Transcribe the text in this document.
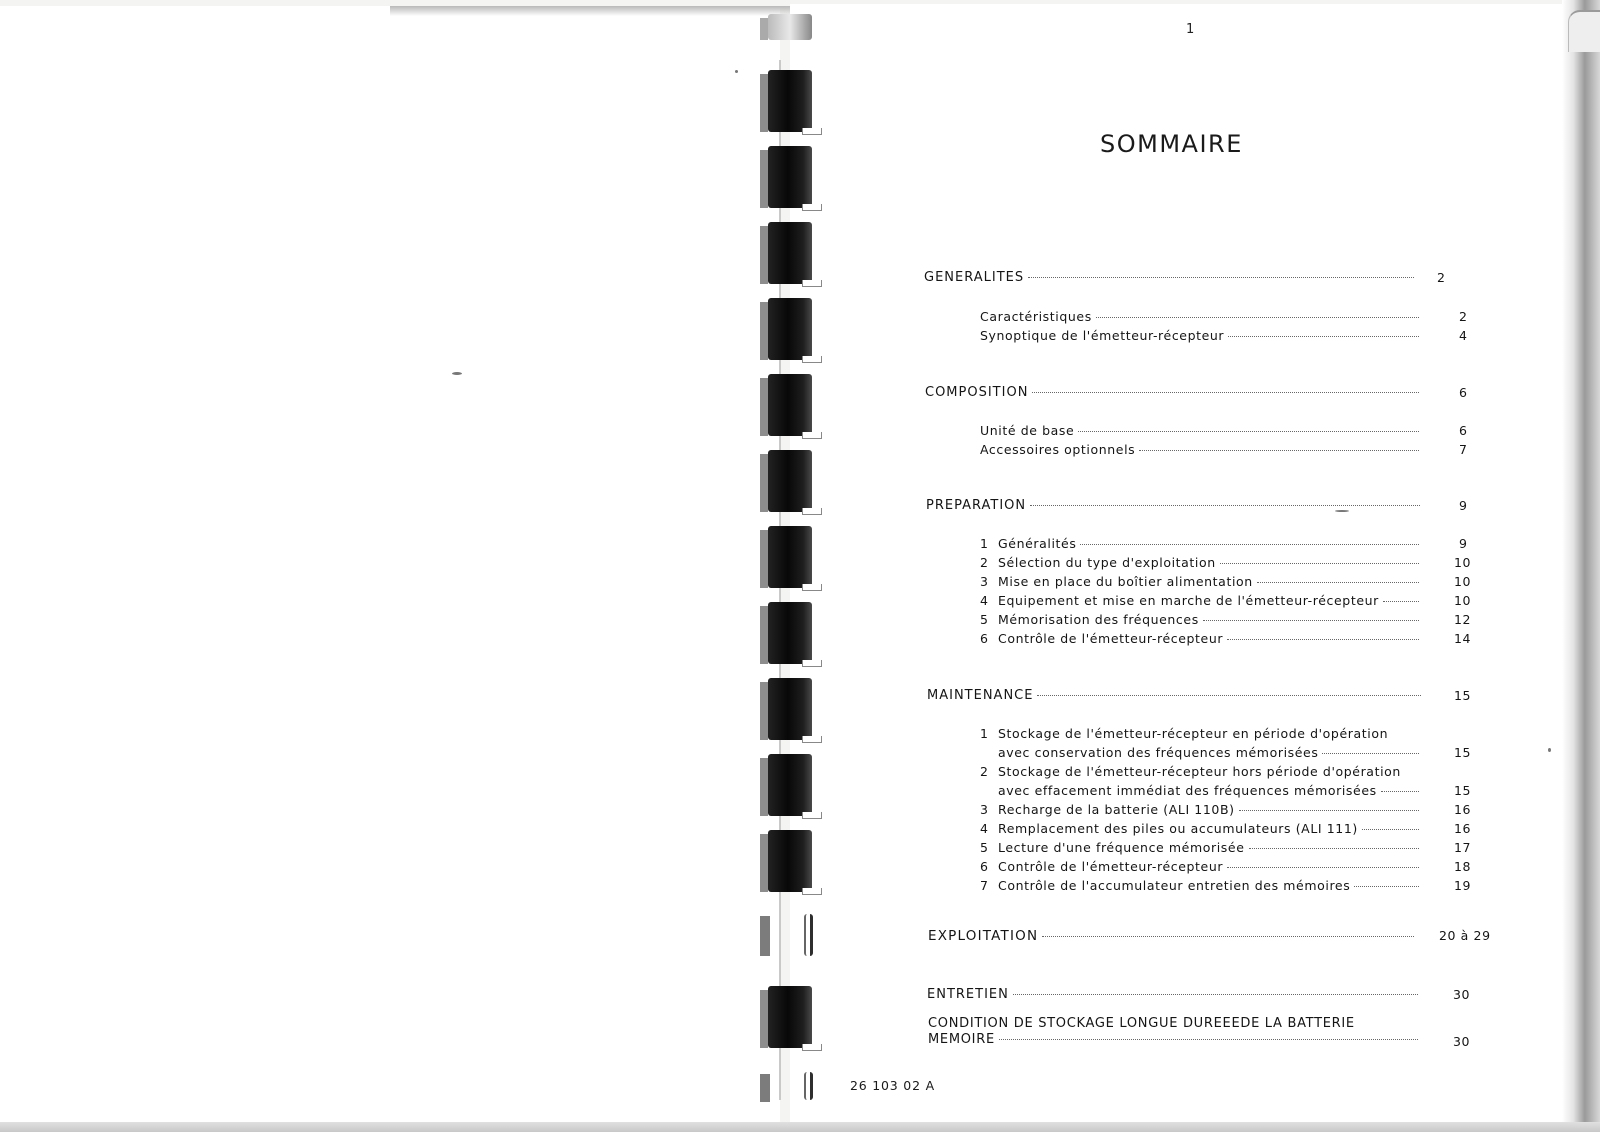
1
SOMMAIRE
GENERALITES	2
Caractéristiques	2
Synoptique de l'émetteur-récepteur	4
COMPOSITION	6
Unité de base	6
Accessoires optionnels	7
PREPARATION	9
1 Généralités	9
2 Sélection du type d'exploitation	10
3 Mise en place du boîtier alimentation	10
4 Equipement et mise en marche de l'émetteur-récepteur	10
5 Mémorisation des fréquences	12
6 Contrôle de l'émetteur-récepteur	14
MAINTENANCE	15
1 Stockage de l'émetteur-récepteur en période d'opération
avec conservation des fréquences mémorisées	15
2 Stockage de l'émetteur-récepteur hors période d'opération
avec effacement immédiat des fréquences mémorisées	15
3 Recharge de la batterie (ALI 110B)	16
4 Remplacement des piles ou accumulateurs (ALI 111)	16
5 Lecture d'une fréquence mémorisée	17
6 Contrôle de l'émetteur-récepteur	18
7 Contrôle de l'accumulateur entretien des mémoires	19
EXPLOITATION	20 à 29
ENTRETIEN	30
CONDITION DE STOCKAGE LONGUE DUREEEDE LA BATTERIE
MEMOIRE	30
26 103 02 A
